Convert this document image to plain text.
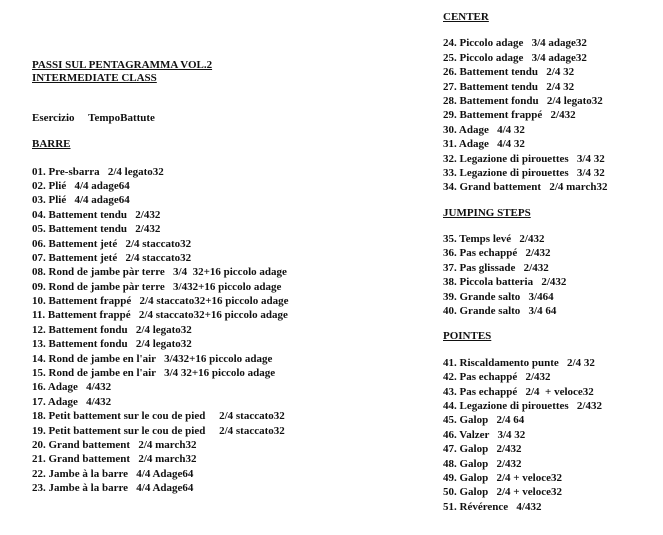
PASSI SUL PENTAGRAMMA VOL.2
INTERMEDIATE CLASS
Esercizio     TempoBattute
BARRE
01. Pre-sbarra   2/4 legato32
02. Plié   4/4 adage64
03. Plié   4/4 adage64
04. Battement tendu   2/432
05. Battement tendu   2/432
06. Battement jeté   2/4 staccato32
07. Battement jeté   2/4 staccato32
08. Rond de jambe pàr terre   3/4  32+16 piccolo adage
09. Rond de jambe pàr terre   3/432+16 piccolo adage
10. Battement frappé   2/4 staccato32+16 piccolo adage
11. Battement frappé   2/4 staccato32+16 piccolo adage
12. Battement fondu   2/4 legato32
13. Battement fondu   2/4 legato32
14. Rond de jambe en l'air   3/432+16 piccolo adage
15. Rond de jambe en l'air   3/4 32+16 piccolo adage
16. Adage   4/432
17. Adage   4/432
18. Petit battement sur le cou de pied     2/4 staccato32
19. Petit battement sur le cou de pied     2/4 staccato32
20. Grand battement   2/4 march32
21. Grand battement   2/4 march32
22. Jambe à la barre   4/4 Adage64
23. Jambe à la barre   4/4 Adage64
CENTER
24. Piccolo adage   3/4 adage32
25. Piccolo adage   3/4 adage32
26. Battement tendu   2/4 32
27. Battement tendu   2/4 32
28. Battement fondu   2/4 legato32
29. Battement frappé   2/432
30. Adage   4/4 32
31. Adage   4/4 32
32. Legazione di pirouettes   3/4 32
33. Legazione di pirouettes   3/4 32
34. Grand battement   2/4 march32
JUMPING STEPS
35. Temps levé   2/432
36. Pas echappé   2/432
37. Pas glissade   2/432
38. Piccola batteria   2/432
39. Grande salto   3/464
40. Grande salto   3/4 64
POINTES
41. Riscaldamento punte   2/4 32
42. Pas echappé   2/432
43. Pas echappé   2/4  + veloce32
44. Legazione di pirouettes   2/432
45. Galop   2/4 64
46. Valzer   3/4 32
47. Galop   2/432
48. Galop   2/432
49. Galop   2/4 + veloce32
50. Galop   2/4 + veloce32
51. Révérence   4/432
